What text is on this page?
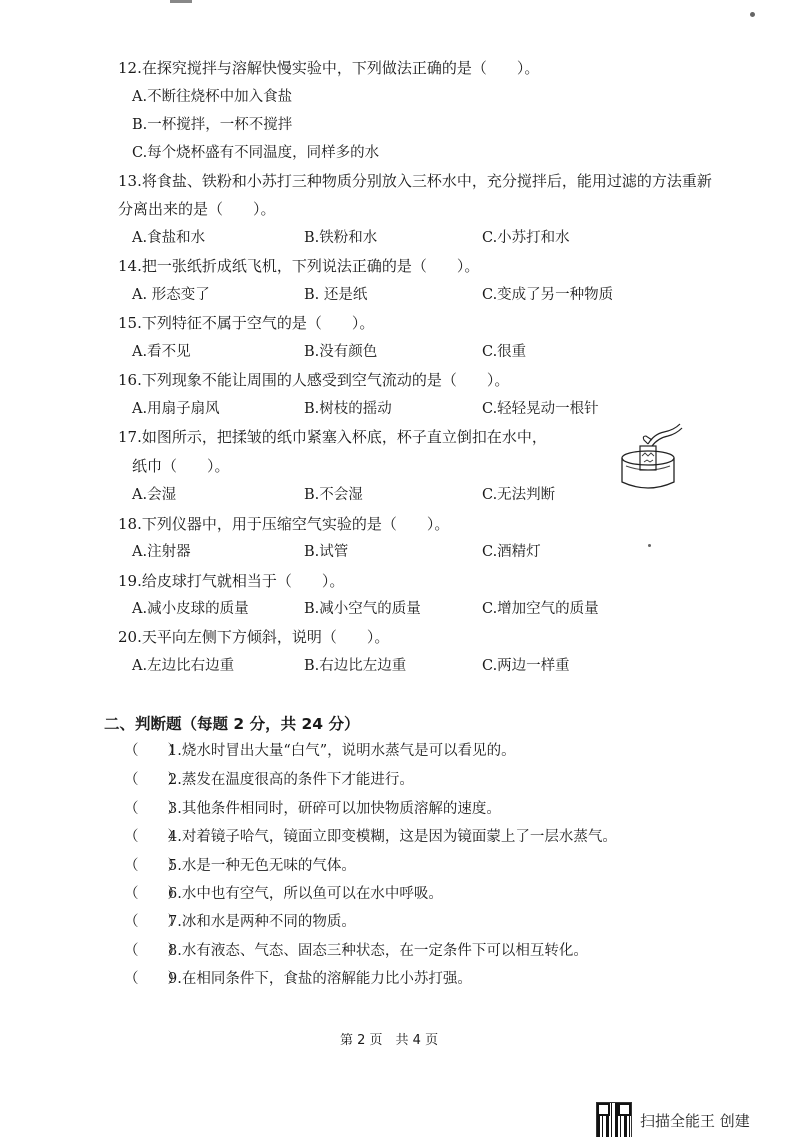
12.在探究搅拌与溶解快慢实验中，下列做法正确的是（　　）。
A.不断往烧杯中加入食盐
B.一杯搅拌，一杯不搅拌
C.每个烧杯盛有不同温度，同样多的水
13.将食盐、铁粉和小苏打三种物质分别放入三杯水中，充分搅拌后，能用过滤的方法重新
分离出来的是（　　）。
A.食盐和水	B.铁粉和水	C.小苏打和水
14.把一张纸折成纸飞机，下列说法正确的是（　　）。
A. 形态变了	B. 还是纸	C.变成了另一种物质
15.下列特征不属于空气的是（　　）。
A.看不见	B.没有颜色	C.很重
16.下列现象不能让周围的人感受到空气流动的是（　　）。
A.用扇子扇风	B.树枝的摇动	C.轻轻晃动一根针
17.如图所示，把揉皱的纸巾紧塞入杯底，杯子直立倒扣在水中，
纸巾（　　）。
A.会湿	B.不会湿	C.无法判断
18.下列仪器中，用于压缩空气实验的是（　　）。
A.注射器	B.试管	C.酒精灯
19.给皮球打气就相当于（　　）。
A.减小皮球的质量	B.减小空气的质量	C.增加空气的质量
20.天平向左侧下方倾斜，说明（　　）。
A.左边比右边重	B.右边比左边重	C.两边一样重
二、判断题（每题 2 分，共 24 分）
（　　）
1.烧水时冒出大量“白气”，说明水蒸气是可以看见的。
（　　）
2.蒸发在温度很高的条件下才能进行。
（　　）
3.其他条件相同时，研碎可以加快物质溶解的速度。
（　　）
4.对着镜子哈气，镜面立即变模糊，这是因为镜面蒙上了一层水蒸气。
（　　）
5.水是一种无色无味的气体。
（　　）
6.水中也有空气，所以鱼可以在水中呼吸。
（　　）
7.冰和水是两种不同的物质。
（　　）
8.水有液态、气态、固态三种状态，在一定条件下可以相互转化。
（　　）
9.在相同条件下，食盐的溶解能力比小苏打强。
第 2 页　共 4 页
扫描全能王 创建
